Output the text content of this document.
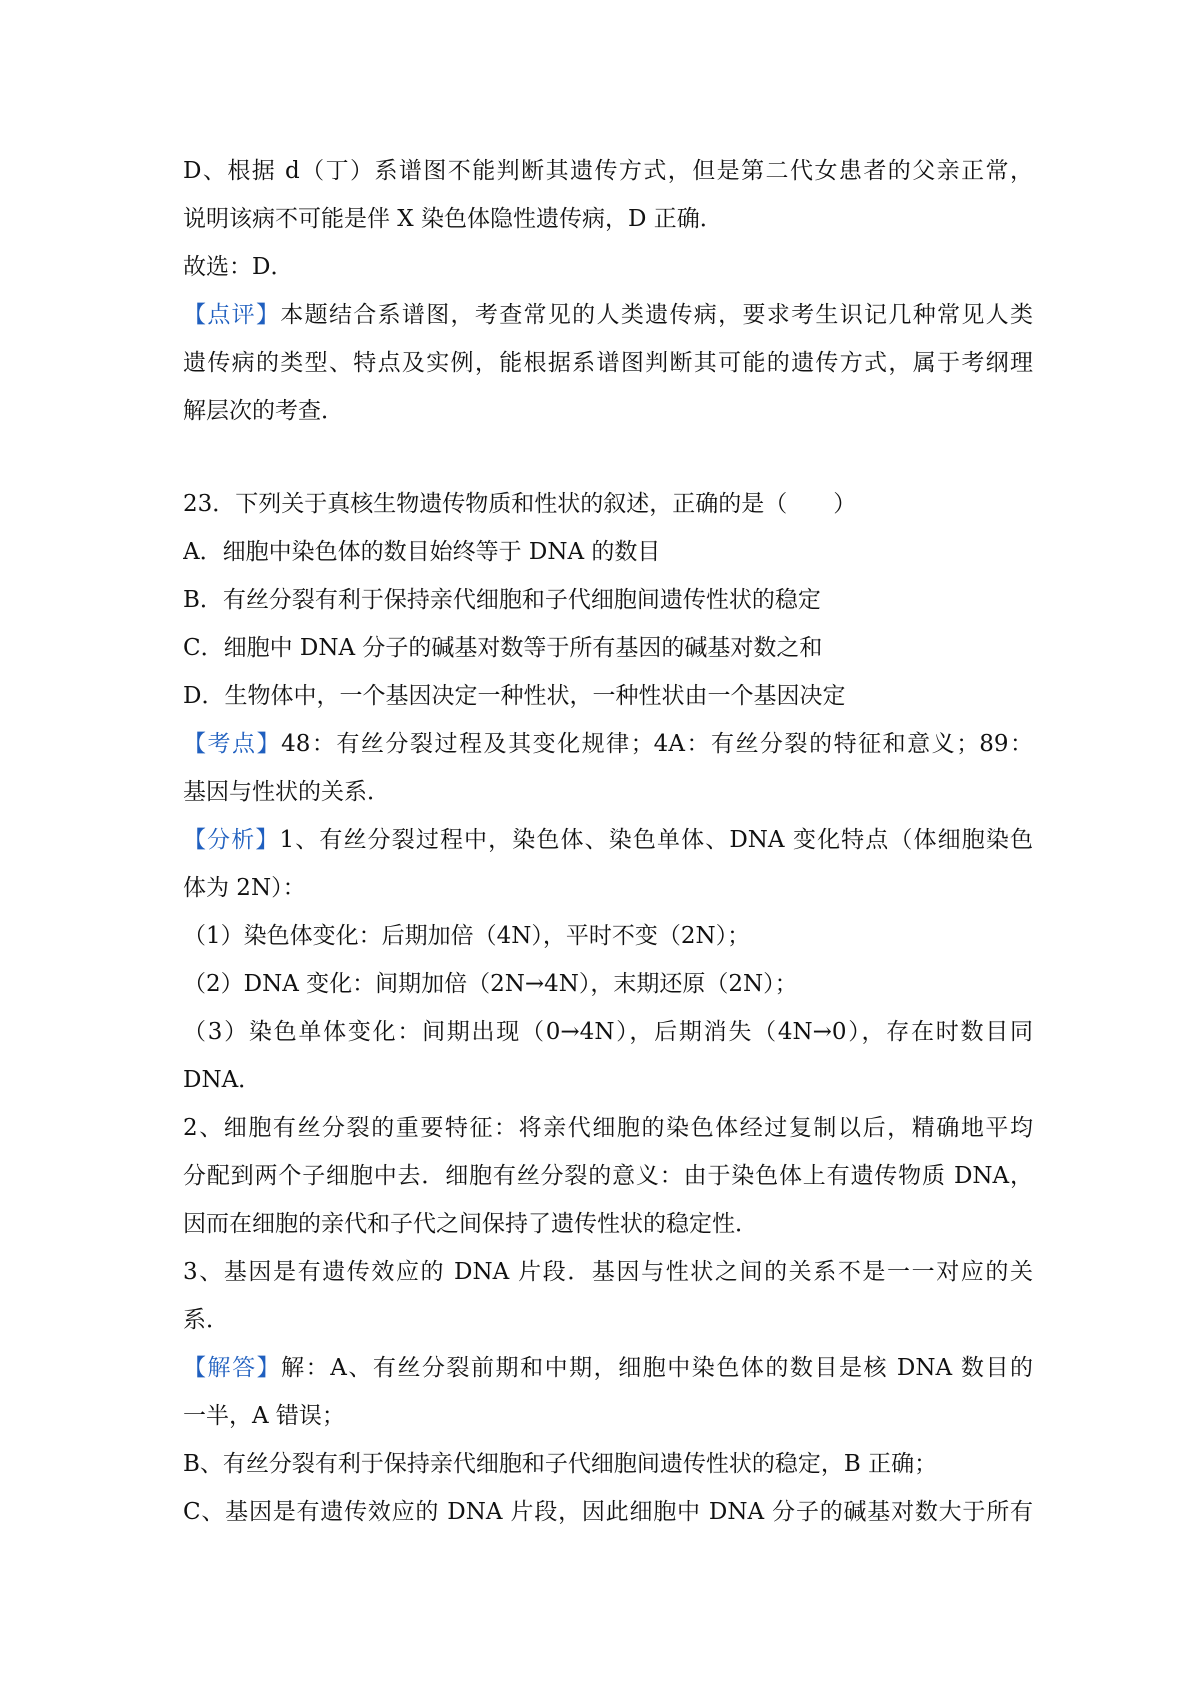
D、根据 d（丁）系谱图不能判断其遗传方式，但是第二代女患者的父亲正常，
说明该病不可能是伴 X 染色体隐性遗传病，D 正确．
故选：D．
【点评】本题结合系谱图，考查常见的人类遗传病，要求考生识记几种常见人类
遗传病的类型、特点及实例，能根据系谱图判断其可能的遗传方式，属于考纲理
解层次的考查．
23．下列关于真核生物遗传物质和性状的叙述，正确的是（　　）
A．细胞中染色体的数目始终等于 DNA 的数目
B．有丝分裂有利于保持亲代细胞和子代细胞间遗传性状的稳定
C．细胞中 DNA 分子的碱基对数等于所有基因的碱基对数之和
D．生物体中，一个基因决定一种性状，一种性状由一个基因决定
【考点】48：有丝分裂过程及其变化规律；4A：有丝分裂的特征和意义；89：
基因与性状的关系．
【分析】1、有丝分裂过程中，染色体、染色单体、DNA 变化特点（体细胞染色
体为 2N）：
（1）染色体变化：后期加倍（4N），平时不变（2N）；
（2）DNA 变化：间期加倍（2N→4N），末期还原（2N）；
（3）染色单体变化：间期出现（0→4N），后期消失（4N→0），存在时数目同
DNA．
2、细胞有丝分裂的重要特征：将亲代细胞的染色体经过复制以后，精确地平均
分配到两个子细胞中去．细胞有丝分裂的意义：由于染色体上有遗传物质 DNA，
因而在细胞的亲代和子代之间保持了遗传性状的稳定性．
3、基因是有遗传效应的 DNA 片段．基因与性状之间的关系不是一一对应的关
系．
【解答】解：A、有丝分裂前期和中期，细胞中染色体的数目是核 DNA 数目的
一半，A 错误；
B、有丝分裂有利于保持亲代细胞和子代细胞间遗传性状的稳定，B 正确；
C、基因是有遗传效应的 DNA 片段，因此细胞中 DNA 分子的碱基对数大于所有
